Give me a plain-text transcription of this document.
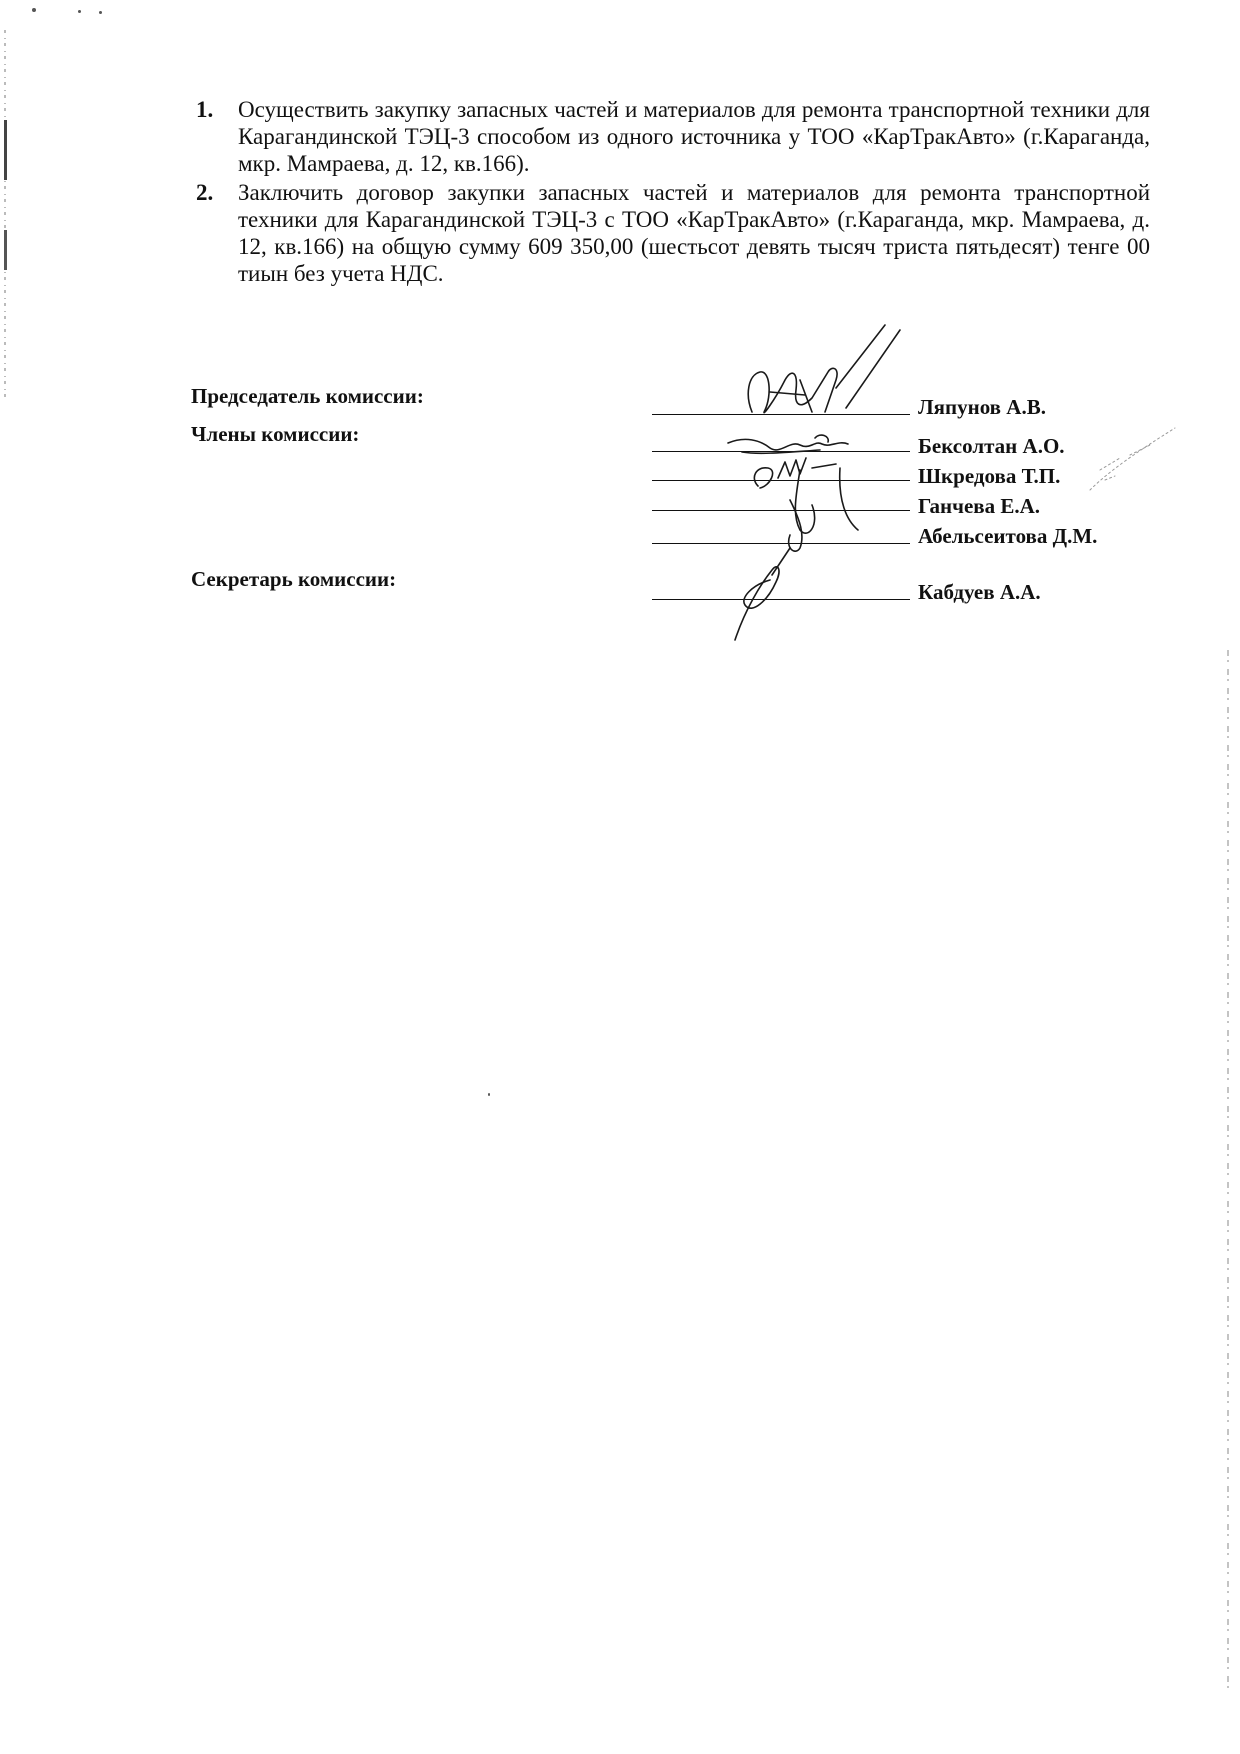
1. Осуществить закупку запасных частей и материалов для ремонта транспортной техники для Карагандинской ТЭЦ-3 способом из одного источника у ТОО «КарТракАвто» (г.Караганда, мкр. Мамраева, д. 12, кв.166).
2. Заключить договор закупки запасных частей и материалов для ремонта транспортной техники для Карагандинской ТЭЦ-3 с ТОО «КарТракАвто» (г.Караганда, мкр. Мамраева, д. 12, кв.166) на общую сумму 609 350,00 (шестьсот девять тысяч триста пятьдесят) тенге 00 тиын без учета НДС.
Председатель комиссии:
Члены комиссии:
Секретарь комиссии:
Ляпунов А.В.
Бексолтан А.О.
Шкредова Т.П.
Ганчева Е.А.
Абельсеитова Д.М.
Кабдуев А.А.
